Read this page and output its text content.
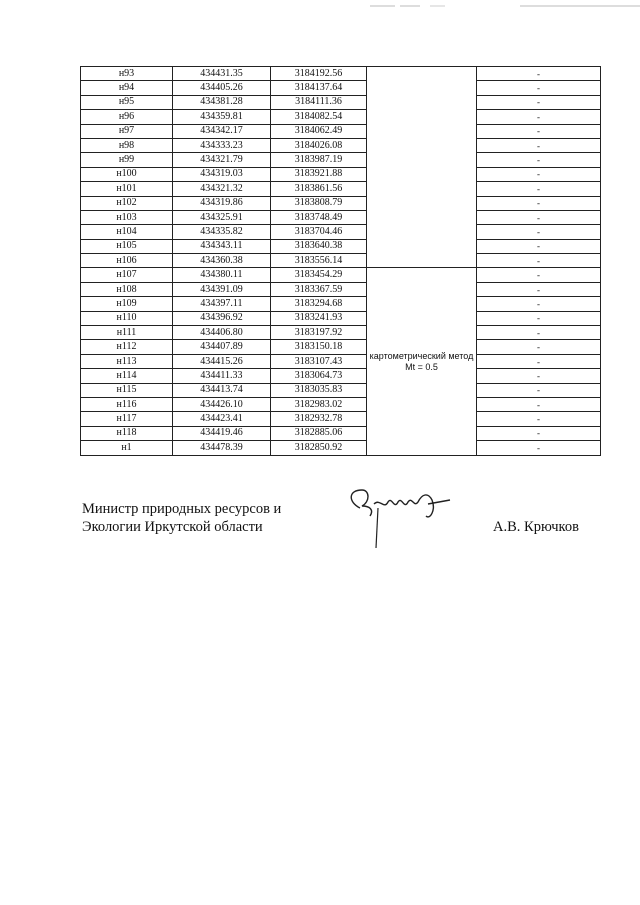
н93	434431.35	3184192.56		-
н94	434405.26	3184137.64		-
н95	434381.28	3184111.36		-
н96	434359.81	3184082.54		-
н97	434342.17	3184062.49		-
н98	434333.23	3184026.08		-
н99	434321.79	3183987.19		-
н100	434319.03	3183921.88		-
н101	434321.32	3183861.56		-
н102	434319.86	3183808.79		-
н103	434325.91	3183748.49		-
н104	434335.82	3183704.46		-
н105	434343.11	3183640.38		-
н106	434360.38	3183556.14		-
н107	434380.11	3183454.29	картометрический метод Mt = 0.5	-
н108	434391.09	3183367.59		-
н109	434397.11	3183294.68		-
н110	434396.92	3183241.93		-
н111	434406.80	3183197.92		-
н112	434407.89	3183150.18		-
н113	434415.26	3183107.43		-
н114	434411.33	3183064.73		-
н115	434413.74	3183035.83		-
н116	434426.10	3182983.02		-
н117	434423.41	3182932.78		-
н118	434419.46	3182885.06		-
н1	434478.39	3182850.92		-
Министр природных ресурсов и
Экологии Иркутской области	А.В. Крючков
